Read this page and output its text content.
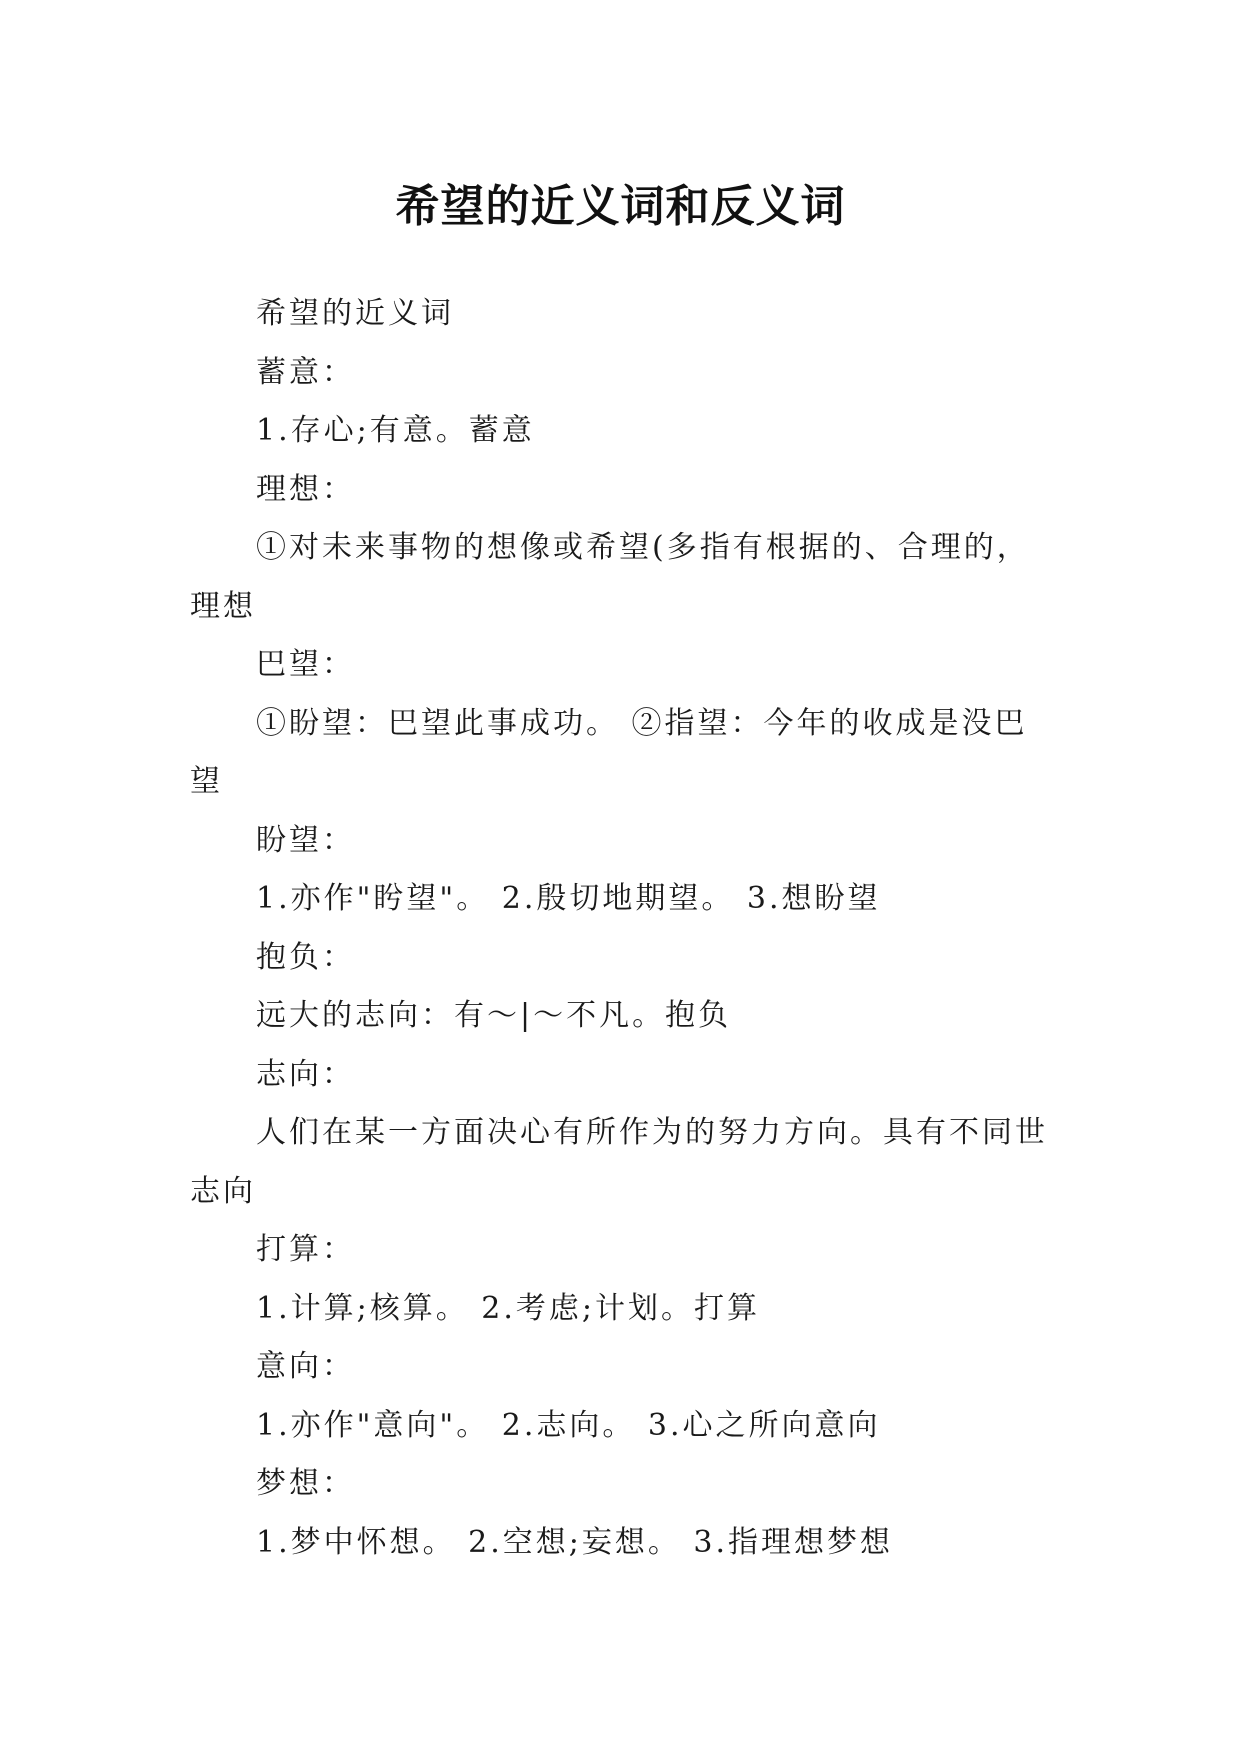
希望的近义词和反义词

希望的近义词

蓄意：

1.存心;有意。蓄意

理想：

①对未来事物的想像或希望(多指有根据的、合理的，理想

巴望：

①盼望：巴望此事成功。 ②指望：今年的收成是没巴望

盼望：

1.亦作"盻望"。 2.殷切地期望。 3.想盼望

抱负：

远大的志向：有～|～不凡。抱负

志向：

人们在某一方面决心有所作为的努力方向。具有不同世志向

打算：

1.计算;核算。 2.考虑;计划。打算

意向：

1.亦作"意向"。 2.志向。 3.心之所向意向

梦想：

1.梦中怀想。 2.空想;妄想。 3.指理想梦想
